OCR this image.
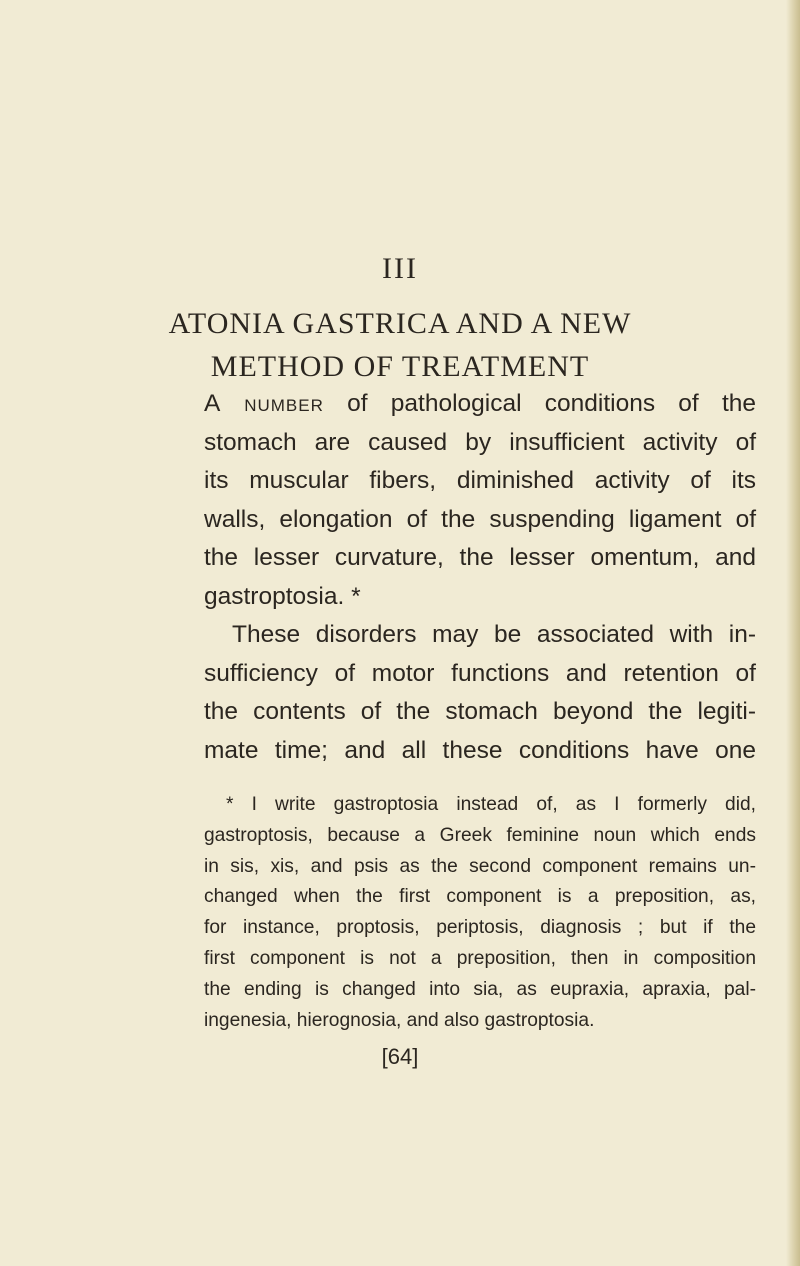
III
ATONIA GASTRICA AND A NEW
METHOD OF TREATMENT
A number of pathological conditions of the
stomach are caused by insufficient activity of
its muscular fibers, diminished activity of its
walls, elongation of the suspending ligament of
the lesser curvature, the lesser omentum, and
gastroptosia. *
These disorders may be associated with in-
sufficiency of motor functions and retention of
the contents of the stomach beyond the legiti-
mate time; and all these conditions have one
* I write gastroptosia instead of, as I formerly did,
gastroptosis, because a Greek feminine noun which ends
in sis, xis, and psis as the second component remains un-
changed when the first component is a preposition, as,
for instance, proptosis, periptosis, diagnosis ; but if the
first component is not a preposition, then in composition
the ending is changed into sia, as eupraxia, apraxia, pal-
ingenesia, hierognosia, and also gastroptosia.
[64]
